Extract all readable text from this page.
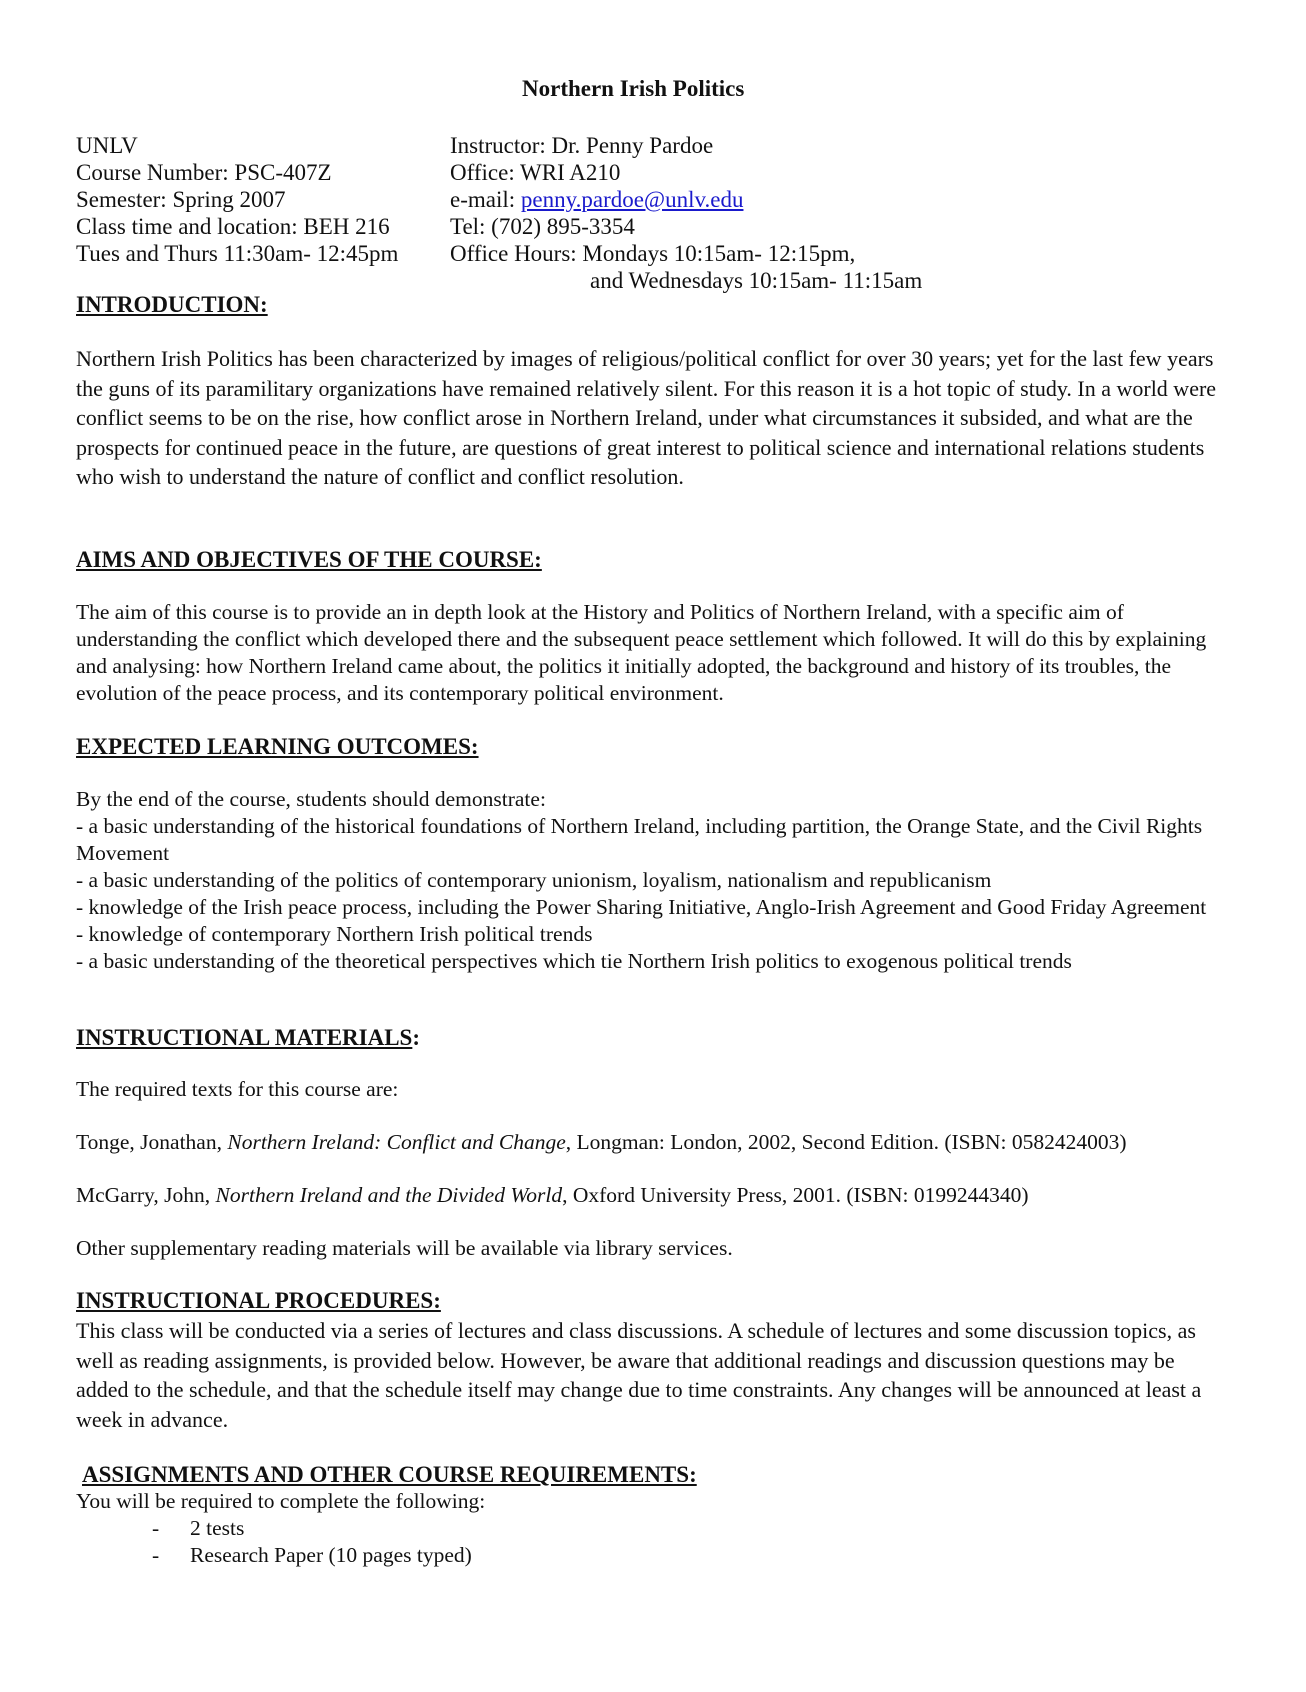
Northern Irish Politics
UNLV
Course Number: PSC-407Z
Semester: Spring 2007
Class time and location: BEH 216
Tues and Thurs 11:30am- 12:45pm
Instructor: Dr. Penny Pardoe
Office: WRI A210
e-mail: penny.pardoe@unlv.edu
Tel: (702) 895-3354
Office Hours: Mondays 10:15am- 12:15pm,
and Wednesdays 10:15am- 11:15am
INTRODUCTION:
Northern Irish Politics has been characterized by images of religious/political conflict for over 30 years; yet for the last few years the guns of its paramilitary organizations have remained relatively silent. For this reason it is a hot topic of study. In a world were conflict seems to be on the rise, how conflict arose in Northern Ireland, under what circumstances it subsided, and what are the prospects for continued peace in the future, are questions of great interest to political science and international relations students who wish to understand the nature of conflict and conflict resolution.
AIMS AND OBJECTIVES OF THE COURSE:
The aim of this course is to provide an in depth look at the History and Politics of Northern Ireland, with a specific aim of understanding the conflict which developed there and the subsequent peace settlement which followed. It will do this by explaining and analysing: how Northern Ireland came about, the politics it initially adopted, the background and history of its troubles, the evolution of the peace process, and its contemporary political environment.
EXPECTED LEARNING OUTCOMES:
By the end of the course, students should demonstrate:
- a basic understanding of the historical foundations of Northern Ireland, including partition, the Orange State, and the Civil Rights Movement
- a basic understanding of the politics of contemporary unionism, loyalism, nationalism and republicanism
- knowledge of the Irish peace process, including the Power Sharing Initiative, Anglo-Irish Agreement and Good Friday Agreement
- knowledge of contemporary Northern Irish political trends
- a basic understanding of the theoretical perspectives which tie Northern Irish politics to exogenous political trends
INSTRUCTIONAL MATERIALS:
The required texts for this course are:
Tonge, Jonathan, Northern Ireland: Conflict and Change, Longman: London, 2002, Second Edition. (ISBN: 0582424003)
McGarry, John, Northern Ireland and the Divided World, Oxford University Press, 2001. (ISBN: 0199244340)
Other supplementary reading materials will be available via library services.
INSTRUCTIONAL PROCEDURES:
This class will be conducted via a series of lectures and class discussions. A schedule of lectures and some discussion topics, as well as reading assignments, is provided below. However, be aware that additional readings and discussion questions may be added to the schedule, and that the schedule itself may change due to time constraints. Any changes will be announced at least a week in advance.
ASSIGNMENTS AND OTHER COURSE REQUIREMENTS:
You will be required to complete the following:
- 2 tests
- Research Paper (10 pages typed)
